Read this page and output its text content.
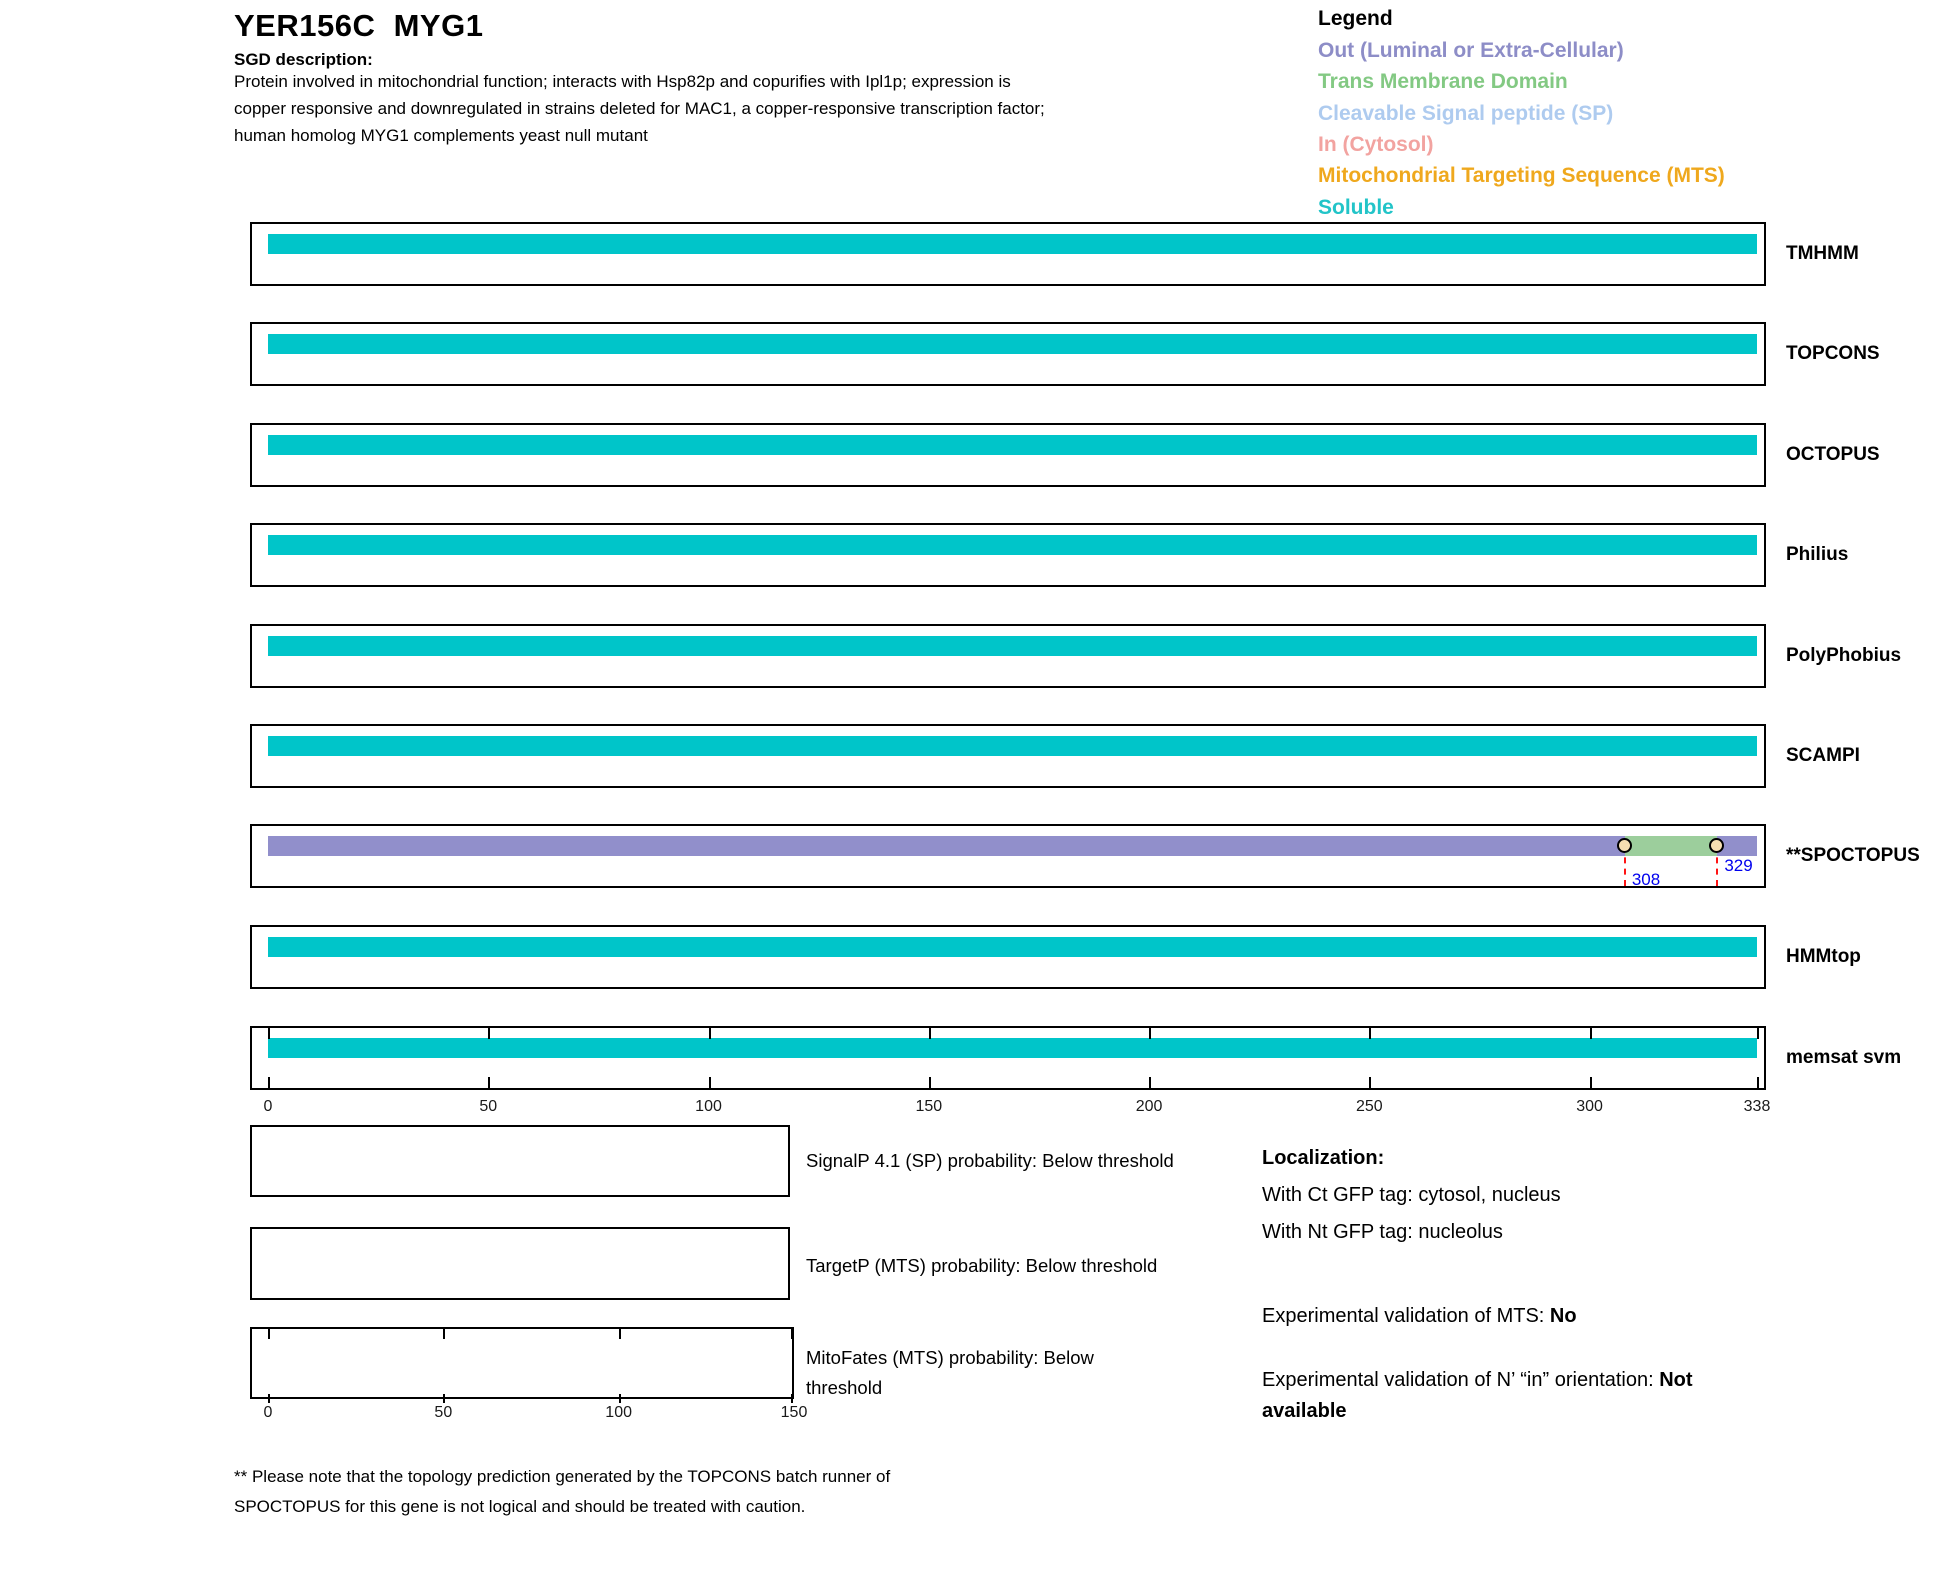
YER156C  MYG1
SGD description:
Protein involved in mitochondrial function; interacts with Hsp82p and copurifies with Ipl1p; expression is
copper responsive and downregulated in strains deleted for MAC1, a copper-responsive transcription factor;
human homolog MYG1 complements yeast null mutant
Legend
Out (Luminal or Extra-Cellular)
Trans Membrane Domain
Cleavable Signal peptide (SP)
In (Cytosol)
Mitochondrial Targeting Sequence (MTS)
Soluble
TMHMM
TOPCONS
OCTOPUS
Philius
PolyPhobius
SCAMPI
308
329 **SPOCTOPUS
HMMtop
memsat svm
0	50	100	150	200	250	300	338
SignalP 4.1 (SP) probability: Below threshold
TargetP (MTS) probability: Below threshold
MitoFates (MTS) probability: Below
threshold
0	50	100	150
Localization:
With Ct GFP tag: cytosol, nucleus
With Nt GFP tag: nucleolus
Experimental validation of MTS: No
Experimental validation of N’ “in” orientation: Not available
** Please note that the topology prediction generated by the TOPCONS batch runner of
SPOCTOPUS for this gene is not logical and should be treated with caution.
